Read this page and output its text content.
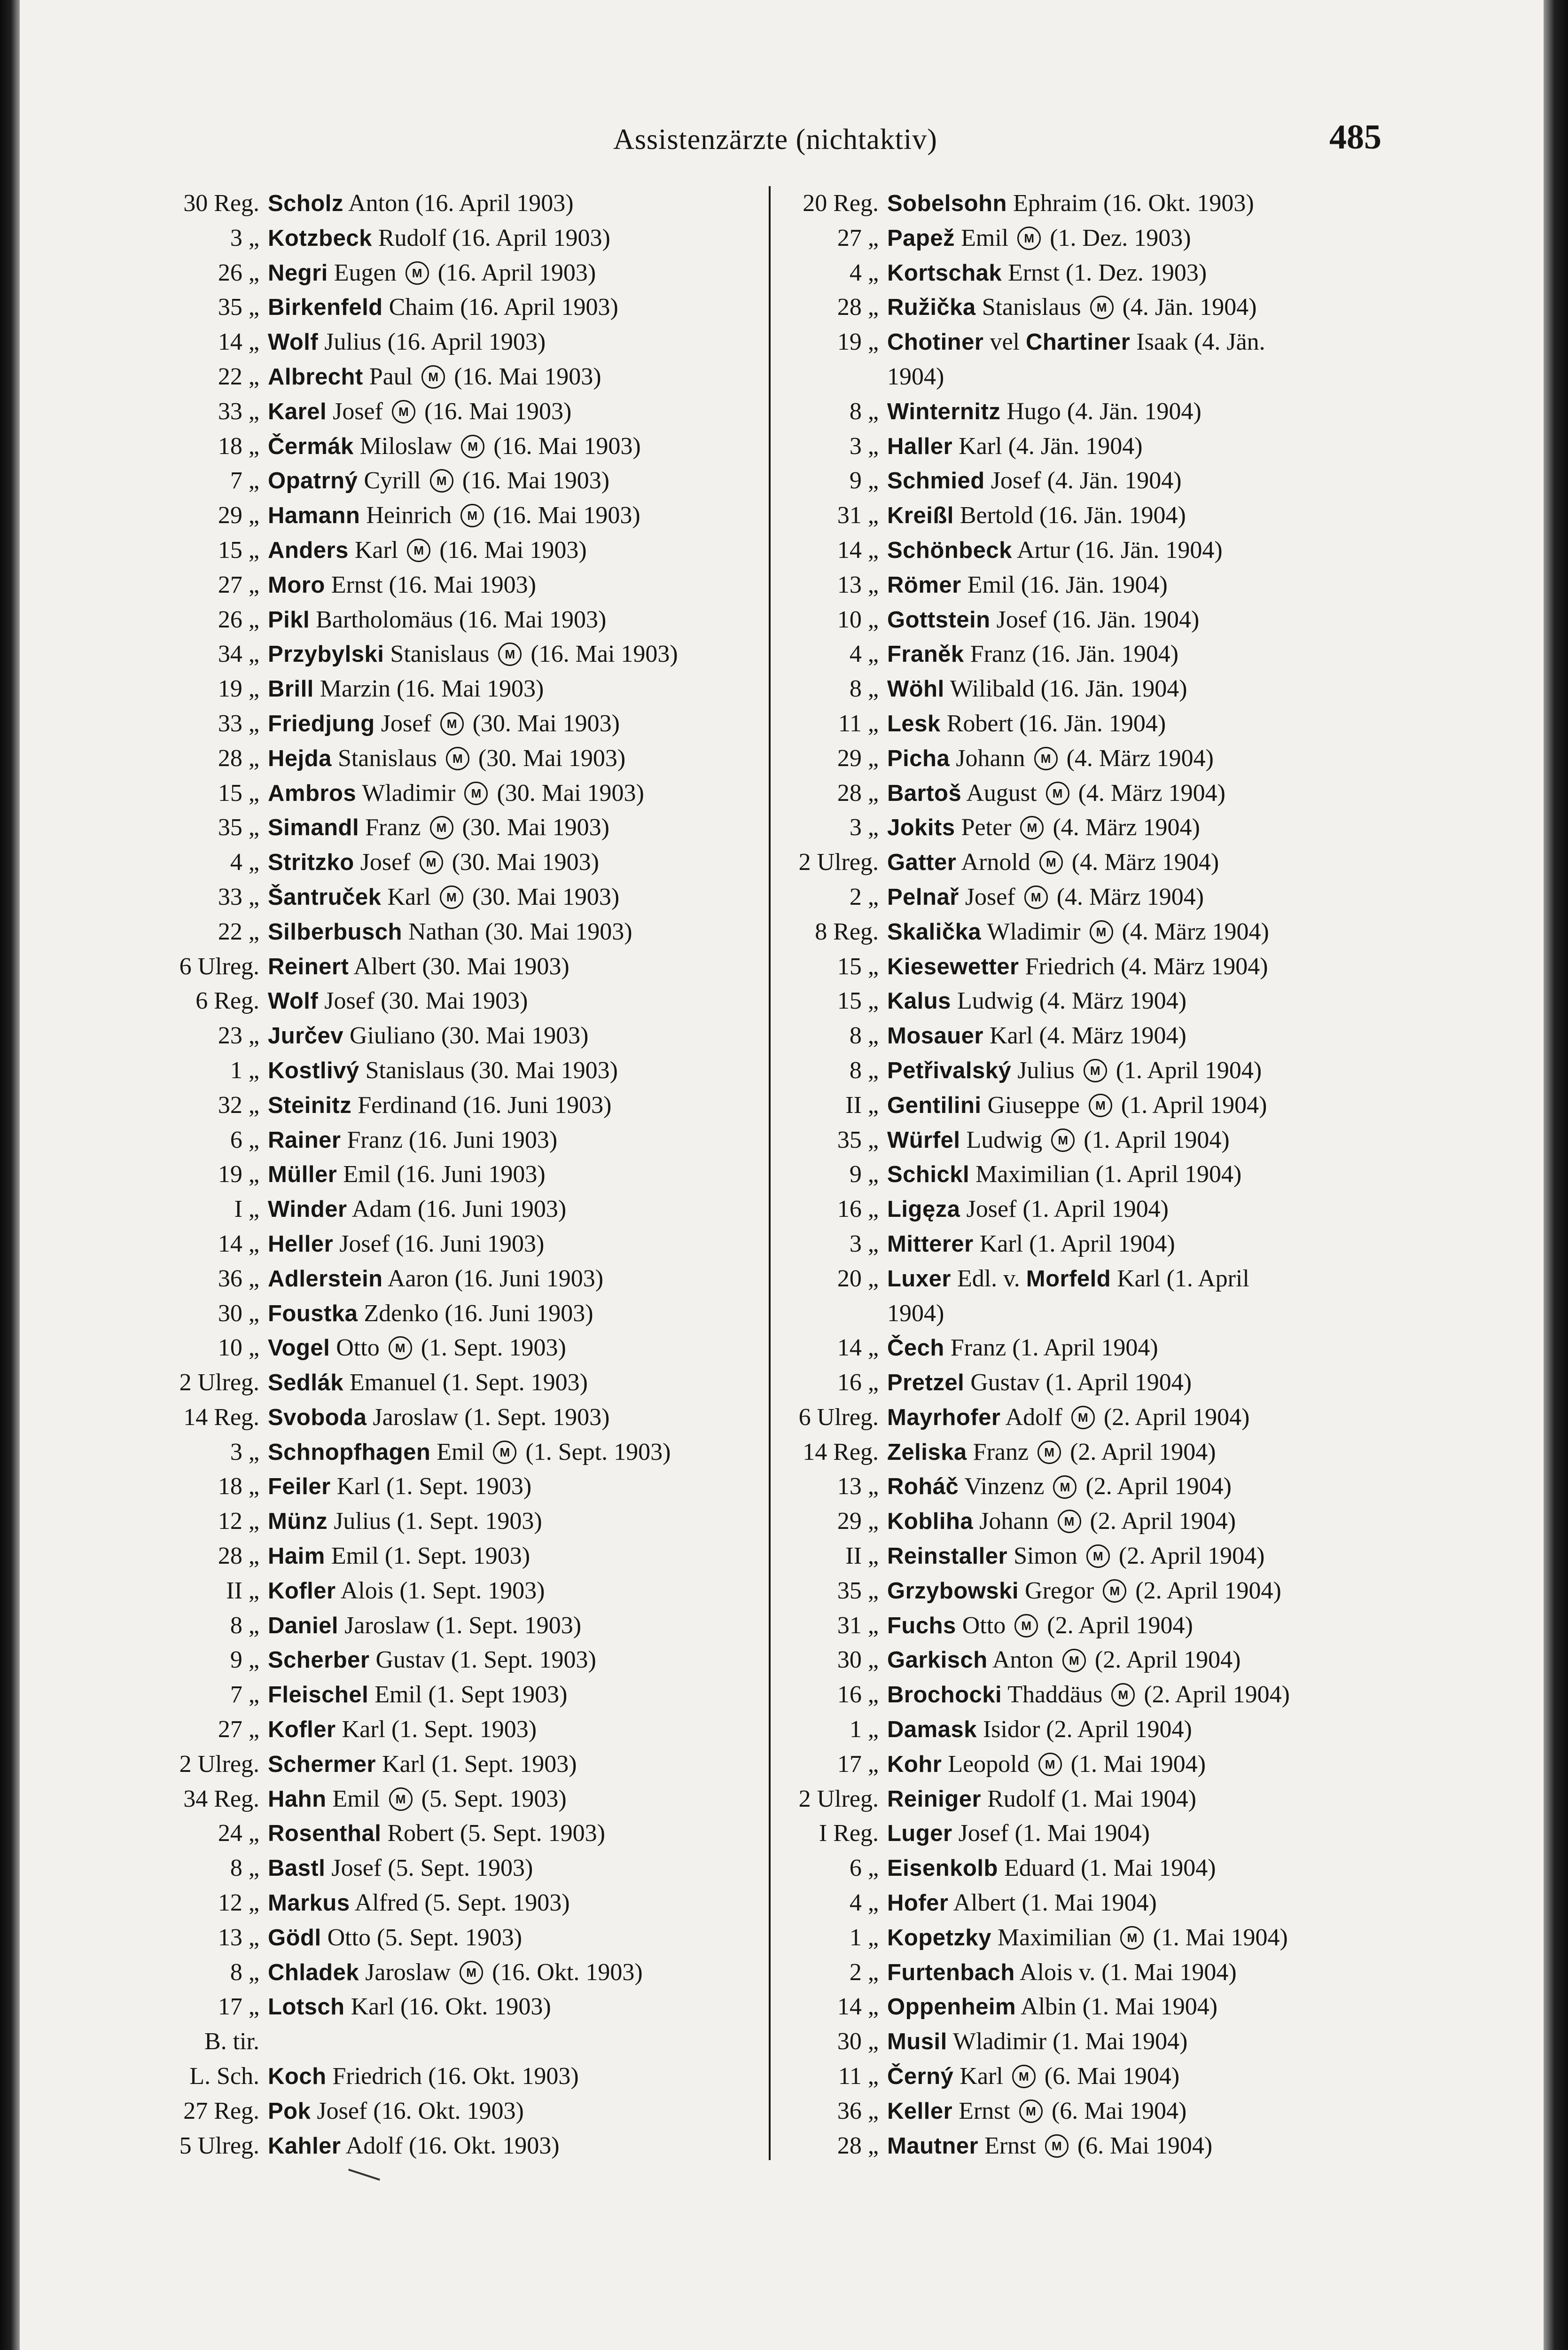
Assistenzärzte (nichtaktiv)	485
30 Reg. Scholz Anton (16. April 1903)
3 „ Kotzbeck Rudolf (16. April 1903)
26 „ Negri Eugen M (16. April 1903)
35 „ Birkenfeld Chaim (16. April 1903)
14 „ Wolf Julius (16. April 1903)
22 „ Albrecht Paul M (16. Mai 1903)
33 „ Karel Josef M (16. Mai 1903)
18 „ Čermák Miloslaw M (16. Mai 1903)
7 „ Opatrný Cyrill M (16. Mai 1903)
29 „ Hamann Heinrich M (16. Mai 1903)
15 „ Anders Karl M (16. Mai 1903)
27 „ Moro Ernst (16. Mai 1903)
26 „ Pikl Bartholomäus (16. Mai 1903)
34 „ Przybylski Stanislaus M (16. Mai 1903)
19 „ Brill Marzin (16. Mai 1903)
33 „ Friedjung Josef M (30. Mai 1903)
28 „ Hejda Stanislaus M (30. Mai 1903)
15 „ Ambros Wladimir M (30. Mai 1903)
35 „ Simandl Franz M (30. Mai 1903)
4 „ Stritzko Josef M (30. Mai 1903)
33 „ Šantruček Karl M (30. Mai 1903)
22 „ Silberbusch Nathan (30. Mai 1903)
6 Ulreg. Reinert Albert (30. Mai 1903)
6 Reg. Wolf Josef (30. Mai 1903)
23 „ Jurčev Giuliano (30. Mai 1903)
1 „ Kostlivý Stanislaus (30. Mai 1903)
32 „ Steinitz Ferdinand (16. Juni 1903)
6 „ Rainer Franz (16. Juni 1903)
19 „ Müller Emil (16. Juni 1903)
I „ Winder Adam (16. Juni 1903)
14 „ Heller Josef (16. Juni 1903)
36 „ Adlerstein Aaron (16. Juni 1903)
30 „ Foustka Zdenko (16. Juni 1903)
10 „ Vogel Otto M (1. Sept. 1903)
2 Ulreg. Sedlák Emanuel (1. Sept. 1903)
14 Reg. Svoboda Jaroslaw (1. Sept. 1903)
3 „ Schnopfhagen Emil M (1. Sept. 1903)
18 „ Feiler Karl (1. Sept. 1903)
12 „ Münz Julius (1. Sept. 1903)
28 „ Haim Emil (1. Sept. 1903)
II „ Kofler Alois (1. Sept. 1903)
8 „ Daniel Jaroslaw (1. Sept. 1903)
9 „ Scherber Gustav (1. Sept. 1903)
7 „ Fleischel Emil (1. Sept 1903)
27 „ Kofler Karl (1. Sept. 1903)
2 Ulreg. Schermer Karl (1. Sept. 1903)
34 Reg. Hahn Emil M (5. Sept. 1903)
24 „ Rosenthal Robert (5. Sept. 1903)
8 „ Bastl Josef (5. Sept. 1903)
12 „ Markus Alfred (5. Sept. 1903)
13 „ Gödl Otto (5. Sept. 1903)
8 „ Chladek Jaroslaw M (16. Okt. 1903)
17 „ Lotsch Karl (16. Okt. 1903)
B. tir.
L. Sch. Koch Friedrich (16. Okt. 1903)
27 Reg. Pok Josef (16. Okt. 1903)
5 Ulreg. Kahler Adolf (16. Okt. 1903)
20 Reg. Sobelsohn Ephraim (16. Okt. 1903)
27 „ Papež Emil M (1. Dez. 1903)
4 „ Kortschak Ernst (1. Dez. 1903)
28 „ Ružička Stanislaus M (4. Jän. 1904)
19 „ Chotiner vel Chartiner Isaak (4. Jän.
1904)
8 „ Winternitz Hugo (4. Jän. 1904)
3 „ Haller Karl (4. Jän. 1904)
9 „ Schmied Josef (4. Jän. 1904)
31 „ Kreißl Bertold (16. Jän. 1904)
14 „ Schönbeck Artur (16. Jän. 1904)
13 „ Römer Emil (16. Jän. 1904)
10 „ Gottstein Josef (16. Jän. 1904)
4 „ Franěk Franz (16. Jän. 1904)
8 „ Wöhl Wilibald (16. Jän. 1904)
11 „ Lesk Robert (16. Jän. 1904)
29 „ Picha Johann M (4. März 1904)
28 „ Bartoš August M (4. März 1904)
3 „ Jokits Peter M (4. März 1904)
2 Ulreg. Gatter Arnold M (4. März 1904)
2 „ Pelnař Josef M (4. März 1904)
8 Reg. Skalička Wladimir M (4. März 1904)
15 „ Kiesewetter Friedrich (4. März 1904)
15 „ Kalus Ludwig (4. März 1904)
8 „ Mosauer Karl (4. März 1904)
8 „ Petřivalský Julius M (1. April 1904)
II „ Gentilini Giuseppe M (1. April 1904)
35 „ Würfel Ludwig M (1. April 1904)
9 „ Schickl Maximilian (1. April 1904)
16 „ Ligęza Josef (1. April 1904)
3 „ Mitterer Karl (1. April 1904)
20 „ Luxer Edl. v. Morfeld Karl (1. April
1904)
14 „ Čech Franz (1. April 1904)
16 „ Pretzel Gustav (1. April 1904)
6 Ulreg. Mayrhofer Adolf M (2. April 1904)
14 Reg. Zeliska Franz M (2. April 1904)
13 „ Roháč Vinzenz M (2. April 1904)
29 „ Kobliha Johann M (2. April 1904)
II „ Reinstaller Simon M (2. April 1904)
35 „ Grzybowski Gregor M (2. April 1904)
31 „ Fuchs Otto M (2. April 1904)
30 „ Garkisch Anton M (2. April 1904)
16 „ Brochocki Thaddäus M (2. April 1904)
1 „ Damask Isidor (2. April 1904)
17 „ Kohr Leopold M (1. Mai 1904)
2 Ulreg. Reiniger Rudolf (1. Mai 1904)
I Reg. Luger Josef (1. Mai 1904)
6 „ Eisenkolb Eduard (1. Mai 1904)
4 „ Hofer Albert (1. Mai 1904)
1 „ Kopetzky Maximilian M (1. Mai 1904)
2 „ Furtenbach Alois v. (1. Mai 1904)
14 „ Oppenheim Albin (1. Mai 1904)
30 „ Musil Wladimir (1. Mai 1904)
11 „ Černý Karl M (6. Mai 1904)
36 „ Keller Ernst M (6. Mai 1904)
28 „ Mautner Ernst M (6. Mai 1904)
